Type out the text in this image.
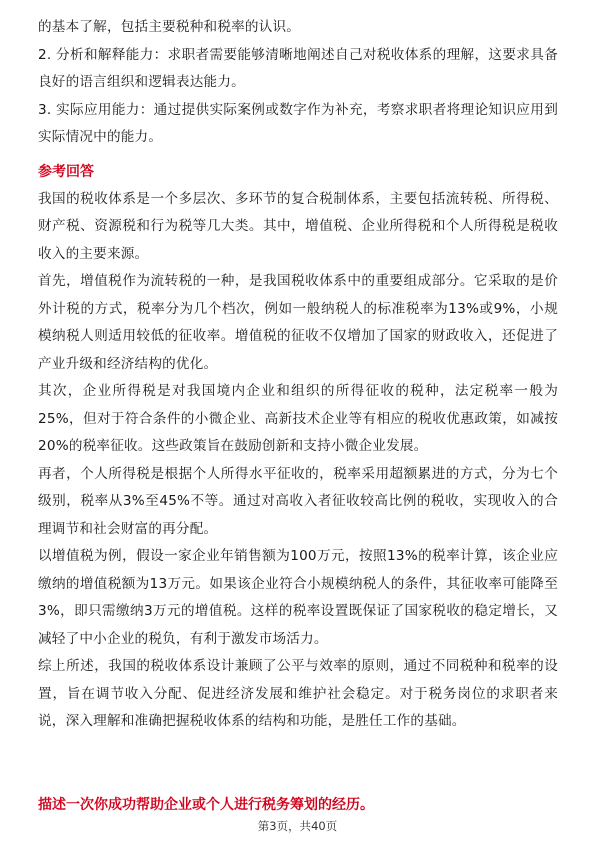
的基本了解，包括主要税种和税率的认识。

2. 分析和解释能力：求职者需要能够清晰地阐述自己对税收体系的理解，这要求具备良好的语言组织和逻辑表达能力。

3. 实际应用能力：通过提供实际案例或数字作为补充，考察求职者将理论知识应用到实际情况中的能力。

参考回答

我国的税收体系是一个多层次、多环节的复合税制体系，主要包括流转税、所得税、财产税、资源税和行为税等几大类。其中，增值税、企业所得税和个人所得税是税收收入的主要来源。

首先，增值税作为流转税的一种，是我国税收体系中的重要组成部分。它采取的是价外计税的方式，税率分为几个档次，例如一般纳税人的标准税率为13%或9%，小规模纳税人则适用较低的征收率。增值税的征收不仅增加了国家的财政收入，还促进了产业升级和经济结构的优化。

其次，企业所得税是对我国境内企业和组织的所得征收的税种，法定税率一般为25%，但对于符合条件的小微企业、高新技术企业等有相应的税收优惠政策，如减按20%的税率征收。这些政策旨在鼓励创新和支持小微企业发展。

再者，个人所得税是根据个人所得水平征收的，税率采用超额累进的方式，分为七个级别，税率从3%至45%不等。通过对高收入者征收较高比例的税收，实现收入的合理调节和社会财富的再分配。

以增值税为例，假设一家企业年销售额为100万元，按照13%的税率计算，该企业应缴纳的增值税额为13万元。如果该企业符合小规模纳税人的条件，其征收率可能降至3%，即只需缴纳3万元的增值税。这样的税率设置既保证了国家税收的稳定增长，又减轻了中小企业的税负，有利于激发市场活力。

综上所述，我国的税收体系设计兼顾了公平与效率的原则，通过不同税种和税率的设置，旨在调节收入分配、促进经济发展和维护社会稳定。对于税务岗位的求职者来说，深入理解和准确把握税收体系的结构和功能，是胜任工作的基础。

描述一次你成功帮助企业或个人进行税务筹划的经历。

第3页，共40页
